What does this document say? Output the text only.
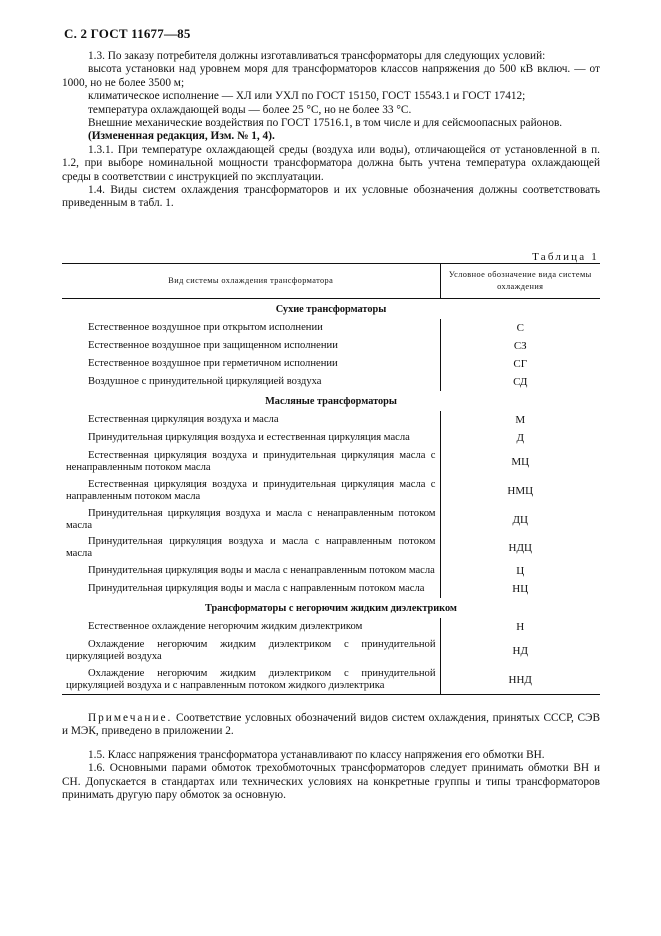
С. 2 ГОСТ 11677—85

1.3. По заказу потребителя должны изготавливаться трансформаторы для следующих условий:

высота установки над уровнем моря для трансформаторов классов напряжения до 500 кВ включ. — от 1000, но не более 3500 м;

климатическое исполнение — ХЛ или УХЛ по ГОСТ 15150, ГОСТ 15543.1 и ГОСТ 17412;

температура охлаждающей воды — более 25 °С, но не более 33 °С.

Внешние механические воздействия по ГОСТ 17516.1, в том числе и для сейсмоопасных районов.

(Измененная редакция, Изм. № 1, 4).

1.3.1. При температуре охлаждающей среды (воздуха или воды), отличающейся от установленной в п. 1.2, при выборе номинальной мощности трансформатора должна быть учтена температура охлаждающей среды в соответствии с инструкцией по эксплуатации.

1.4. Виды систем охлаждения трансформаторов и их условные обозначения должны соответствовать приведенным в табл. 1.

Таблица 1
Вид системы охлаждения трансформатора	Условное обозначение вида системы охлаждения
Сухие трансформаторы	

Естественное воздушное при открытом исполнении	С

Естественное воздушное при защищенном исполнении	СЗ

Естественное воздушное при герметичном исполнении	СГ

Воздушное с принудительной циркуляцией воздуха	СД
Масляные трансформаторы	

Естественная циркуляция воздуха и масла	М

Принудительная циркуляция воздуха и естественная циркуляция масла	Д

Естественная циркуляция воздуха и принудительная циркуляция масла с ненаправленным потоком масла	МЦ

Естественная циркуляция воздуха и принудительная циркуляция масла с направленным потоком масла	НМЦ

Принудительная циркуляция воздуха и масла с ненаправленным потоком масла	ДЦ

Принудительная циркуляция воздуха и масла с направленным потоком масла	НДЦ

Принудительная циркуляция воды и масла с ненаправленным потоком масла	Ц

Принудительная циркуляция воды и масла с направленным потоком масла	НЦ
Трансформаторы с негорючим жидким диэлектриком	

Естественное охлаждение негорючим жидким диэлектриком	Н

Охлаждение негорючим жидким диэлектриком с принудительной циркуляцией воздуха	НД

Охлаждение негорючим жидким диэлектриком с принудительной циркуляцией воздуха и с направленным потоком жидкого диэлектрика	ННД

Примечание. Соответствие условных обозначений видов систем охлаждения, принятых СССР, СЭВ и МЭК, приведено в приложении 2.

1.5. Класс напряжения трансформатора устанавливают по классу напряжения его обмотки ВН.

1.6. Основными парами обмоток трехобмоточных трансформаторов следует принимать обмотки ВН и СН. Допускается в стандартах или технических условиях на конкретные группы и типы трансформаторов принимать другую пару обмоток за основную.
